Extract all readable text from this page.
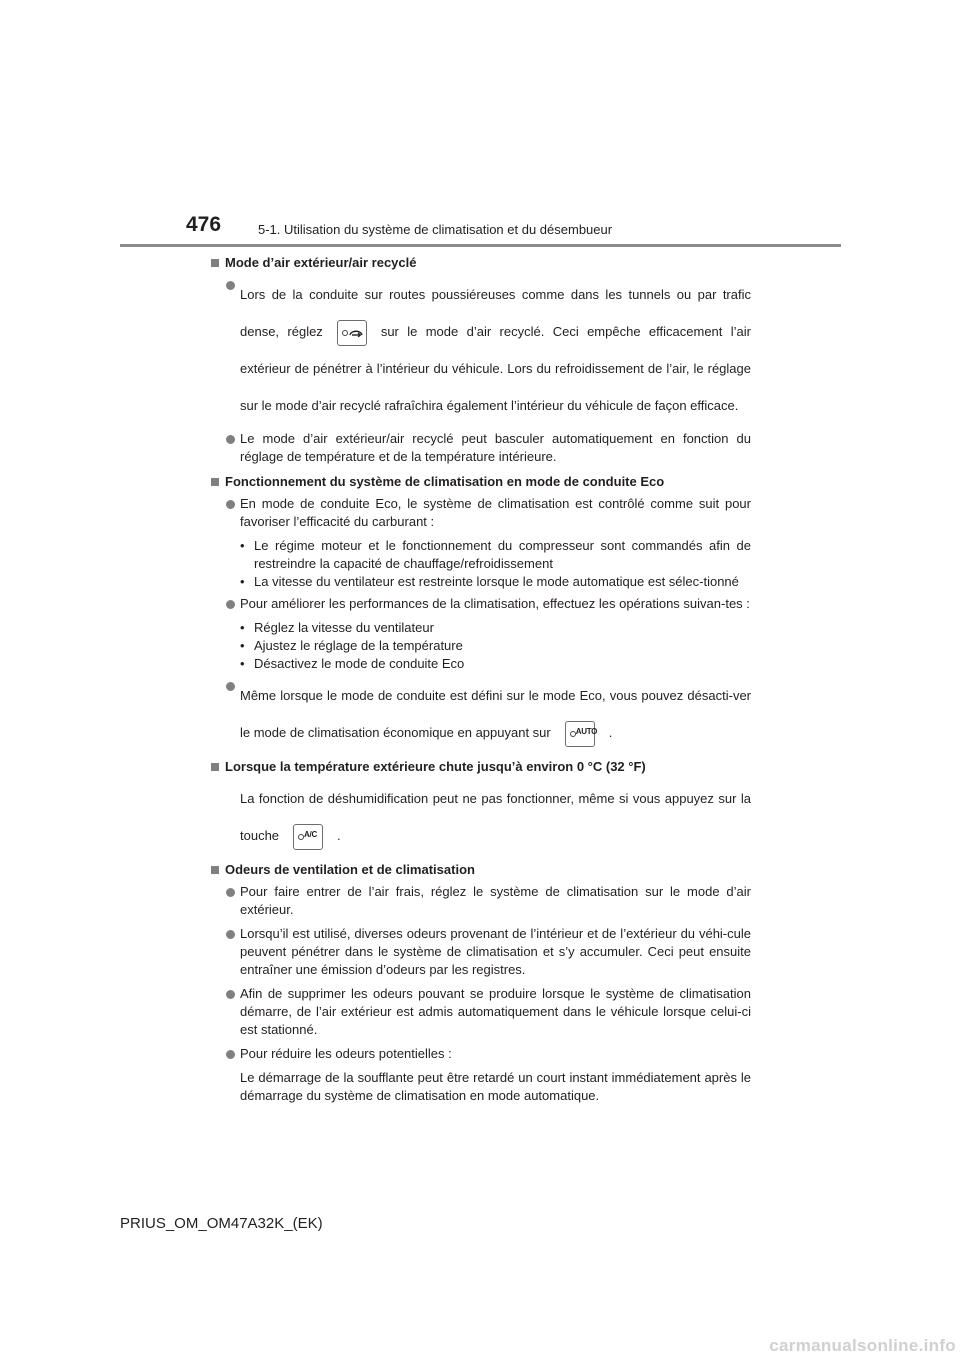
476	5-1. Utilisation du système de climatisation et du désembueur
Mode d’air extérieur/air recyclé
Lors de la conduite sur routes poussiéreuses comme dans les tunnels ou par trafic dense, réglez	sur le mode d’air recyclé. Ceci empêche efficacement l’air extérieur de pénétrer à l’intérieur du véhicule. Lors du refroidissement de l’air, le réglage sur le mode d’air recyclé rafraîchira également l’intérieur du véhicule de façon efficace.
Le mode d’air extérieur/air recyclé peut basculer automatiquement en fonction du réglage de température et de la température intérieure.
Fonctionnement du système de climatisation en mode de conduite Eco
En mode de conduite Eco, le système de climatisation est contrôlé comme suit pour favoriser l’efficacité du carburant :
• Le régime moteur et le fonctionnement du compresseur sont commandés afin de restreindre la capacité de chauffage/refroidissement
• La vitesse du ventilateur est restreinte lorsque le mode automatique est sélec-tionné
Pour améliorer les performances de la climatisation, effectuez les opérations suivan-tes :
• Réglez la vitesse du ventilateur
• Ajustez le réglage de la température
• Désactivez le mode de conduite Eco
Même lorsque le mode de conduite est défini sur le mode Eco, vous pouvez désacti-ver le mode de climatisation économique en appuyant sur	AUTO .
Lorsque la température extérieure chute jusqu’à environ 0 °C (32 °F)
La fonction de déshumidification peut ne pas fonctionner, même si vous appuyez sur la touche	A/C .
Odeurs de ventilation et de climatisation
Pour faire entrer de l’air frais, réglez le système de climatisation sur le mode d’air extérieur.
Lorsqu’il est utilisé, diverses odeurs provenant de l’intérieur et de l’extérieur du véhi-cule peuvent pénétrer dans le système de climatisation et s’y accumuler. Ceci peut ensuite entraîner une émission d’odeurs par les registres.
Afin de supprimer les odeurs pouvant se produire lorsque le système de climatisation démarre, de l’air extérieur est admis automatiquement dans le véhicule lorsque celui-ci est stationné.
Pour réduire les odeurs potentielles :
Le démarrage de la soufflante peut être retardé un court instant immédiatement après le démarrage du système de climatisation en mode automatique.
PRIUS_OM_OM47A32K_(EK)
carmanualsonline.info
